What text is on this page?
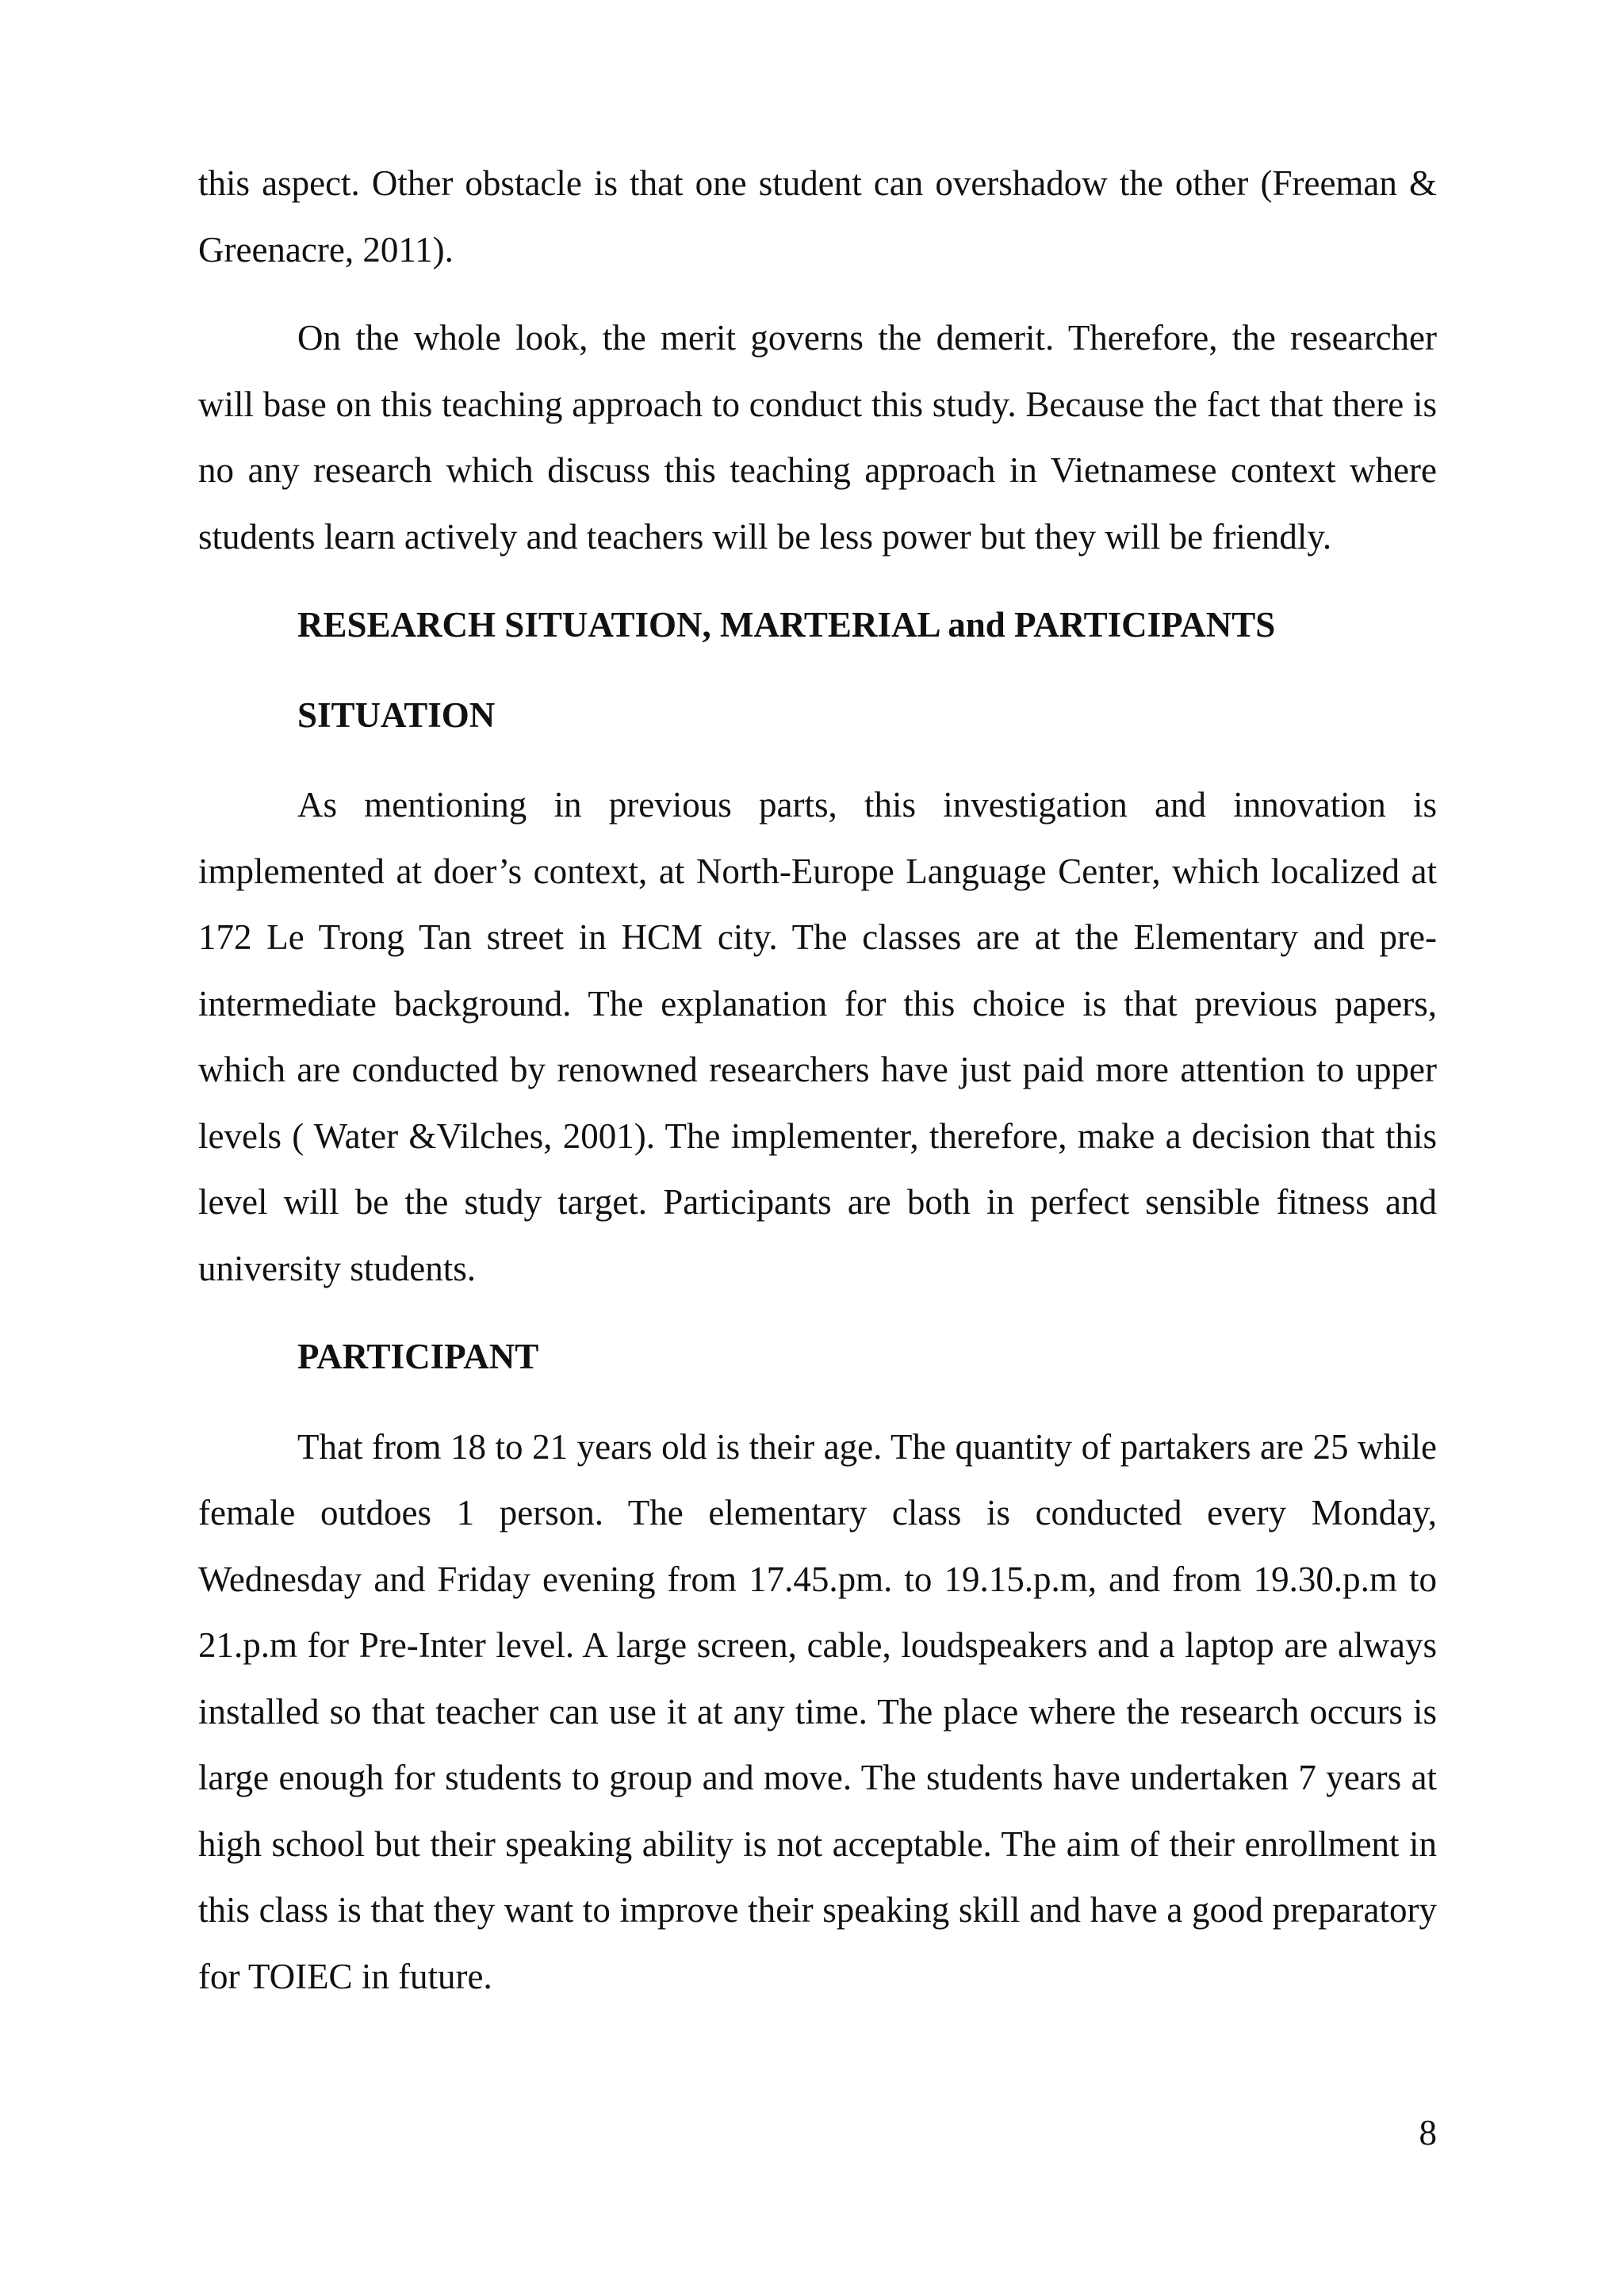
this aspect. Other obstacle is that one student can overshadow the other (Freeman & Greenacre, 2011).

On the whole look, the merit governs the demerit. Therefore, the researcher will base on this teaching approach to conduct this study. Because the fact that there is no any research which discuss this teaching approach in Vietnamese context where students learn actively and teachers will be less power but they will be friendly.

RESEARCH SITUATION, MARTERIAL and PARTICIPANTS
SITUATION

As mentioning in previous parts, this investigation and innovation is implemented at doer’s context, at North-Europe Language Center, which localized at 172 Le Trong Tan street in HCM city. The classes are at the Elementary and pre-intermediate background. The explanation for this choice is that previous papers, which are conducted by renowned researchers have just paid more attention to upper levels ( Water &Vilches, 2001). The implementer, therefore, make a decision that this level will be the study target. Participants are both in perfect sensible fitness and university students.

PARTICIPANT

That from 18 to 21 years old is their age. The quantity of partakers are 25 while female outdoes 1 person. The elementary class is conducted every Monday, Wednesday and Friday evening from 17.45.pm. to 19.15.p.m, and from 19.30.p.m to 21.p.m for Pre-Inter level. A large screen, cable, loudspeakers and a laptop are always installed so that teacher can use it at any time. The place where the research occurs is large enough for students to group and move. The students have undertaken 7 years at high school but their speaking ability is not acceptable. The aim of their enrollment in this class is that they want to improve their speaking skill and have a good preparatory for TOIEC in future.

8
